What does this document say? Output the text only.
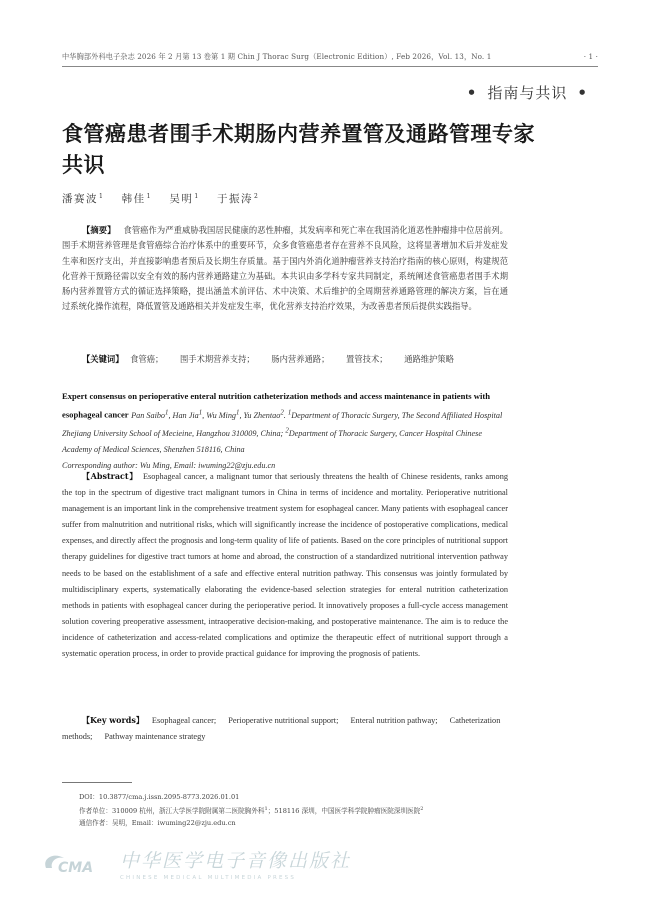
中华胸部外科电子杂志 2026 年 2 月第 13 卷第 1 期 Chin J Thorac Surg（Electronic Edition）, Feb 2026，Vol. 13，No. 1	· 1 ·
• 指南与共识 •
食管癌患者围手术期肠内营养置管及通路管理专家共识
潘赛波$^1$ 韩佳$^1$ 吴明$^1$ 于振涛$^2$
【摘要】 食管癌作为严重威胁我国居民健康的恶性肿瘤，其发病率和死亡率在我国消化道恶性肿瘤排中位居前列。围手术期营养管理是食管癌综合治疗体系中的重要环节，众多食管癌患者存在营养不良风险，这将显著增加术后并发症发生率和医疗支出，并直接影响患者预后及长期生存质量。基于国内外消化道肿瘤营养支持治疗指南的核心原则，构建规范化营养干预路径需以安全有效的肠内营养通路建立为基础。本共识由多学科专家共同制定，系统阐述食管癌患者围手术期肠内营养置管方式的循证选择策略，提出涵盖术前评估、术中决策、术后维护的全周期营养通路管理的解决方案，旨在通过系统化操作流程，降低置管及通路相关并发症发生率，优化营养支持治疗效果，为改善患者预后提供实践指导。
【关键词】 食管癌； 围手术期营养支持； 肠内营养通路； 置管技术； 通路维护策略
Expert consensus on perioperative enteral nutrition catheterization methods and access maintenance in patients with esophageal cancer Pan Saibo$^1$, Han Jia$^1$, Wu Ming$^1$, Yu Zhentao$^2$. $^1$Department of Thoracic Surgery, The Second Affiliated Hospital Zhejiang University School of Mecieine, Hangzhou 310009, China; $^2$Department of Thoracic Surgery, Cancer Hospital Chinese Academy of Medical Sciences, Shenzhen 518116, China
Corresponding author: Wu Ming, Email: iwuming22@zju.edu.cn
【Abstract】 Esophageal cancer, a malignant tumor that seriously threatens the health of Chinese residents, ranks among the top in the spectrum of digestive tract malignant tumors in China in terms of incidence and mortality. Perioperative nutritional management is an important link in the comprehensive treatment system for esophageal cancer. Many patients with esophageal cancer suffer from malnutrition and nutritional risks, which will significantly increase the incidence of postoperative complications, medical expenses, and directly affect the prognosis and long-term quality of life of patients. Based on the core principles of nutritional support therapy guidelines for digestive tract tumors at home and abroad, the construction of a standardized nutritional intervention pathway needs to be based on the establishment of a safe and effective enteral nutrition pathway. This consensus was jointly formulated by multidisciplinary experts, systematically elaborating the evidence-based selection strategies for enteral nutrition catheterization methods in patients with esophageal cancer during the perioperative period. It innovatively proposes a full-cycle access management solution covering preoperative assessment, intraoperative decision-making, and postoperative maintenance. The aim is to reduce the incidence of catheterization and access-related complications and optimize the therapeutic effect of nutritional support through a systematic operation process, in order to provide practical guidance for improving the prognosis of patients.
【Key words】 Esophageal cancer; Perioperative nutritional support; Enteral nutrition pathway; Catheterization methods; Pathway maintenance strategy
DOI：10.3877/cma.j.issn.2095-8773.2026.01.01
作者单位：310009 杭州，浙江大学医学院附属第二医院胸外科$^1$；518116 深圳，中国医学科学院肿瘤医院深圳医院$^2$
通信作者：吴明，Email：iwuming22@zju.edu.cn
CMA 中华医学电子音像出版社
CHINESE MEDICAL MULTIMEDIA PRESS
